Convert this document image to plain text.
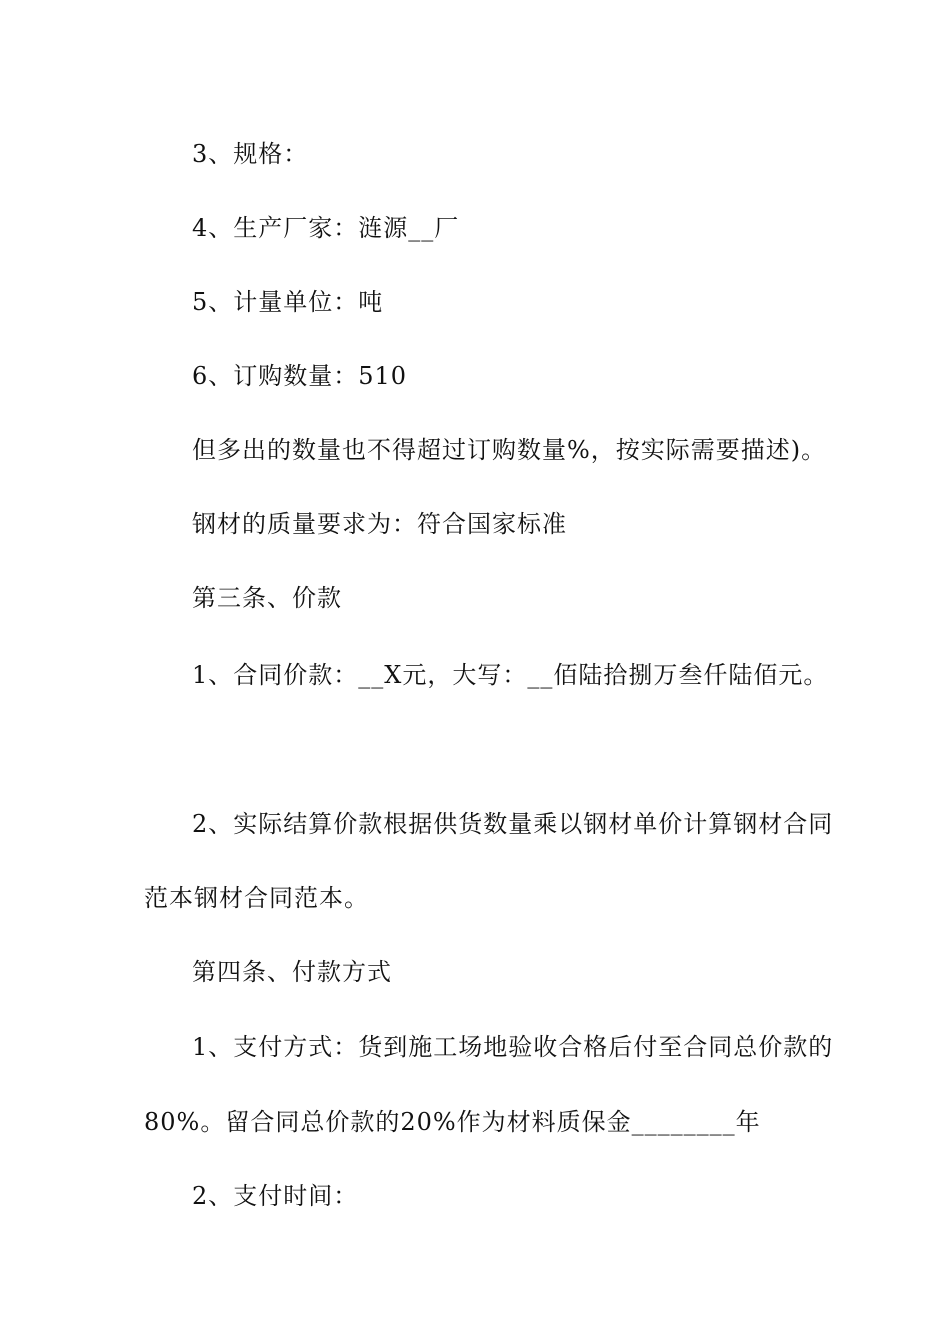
3、规格：
4、生产厂家：涟源__厂
5、计量单位：吨
6、订购数量：510
但多出的数量也不得超过订购数量%，按实际需要描述)。
钢材的质量要求为：符合国家标准
第三条、价款
1、合同价款：__X元，大写：__佰陆拾捌万叁仟陆佰元。
2、实际结算价款根据供货数量乘以钢材单价计算钢材合同
范本钢材合同范本。
第四条、付款方式
1、支付方式：货到施工场地验收合格后付至合同总价款的
80%。留合同总价款的20%作为材料质保金________年
2、支付时间：
